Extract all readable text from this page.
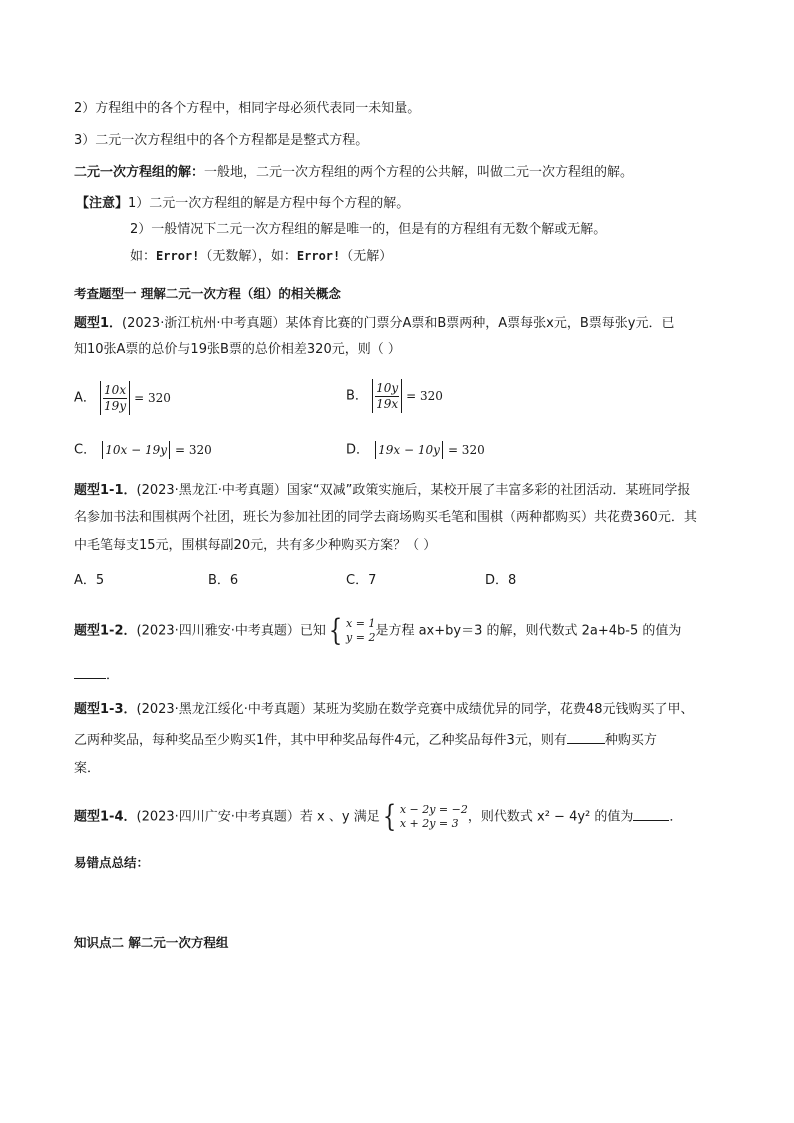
2）方程组中的各个方程中，相同字母必须代表同一未知量。
3）二元一次方程组中的各个方程都是是整式方程。
二元一次方程组的解：一般地，二元一次方程组的两个方程的公共解，叫做二元一次方程组的解。
【注意】1）二元一次方程组的解是方程中每个方程的解。
2）一般情况下二元一次方程组的解是唯一的，但是有的方程组有无数个解或无解。
如：Error!（无数解），如：Error!（无解）
考查题型一 理解二元一次方程（组）的相关概念
题型1．(2023·浙江杭州·中考真题）某体育比赛的门票分A票和B票两种，A票每张x元，B票每张y元．已
知10张A票的总价与19张B票的总价相差320元，则（ ）
A． $\frac{10x}{19y} = 320$	B． $\frac{10y}{19x} = 320$
C． 10x − 19y = 320	D． 19x − 10y = 320
题型1-1．(2023·黑龙江·中考真题）国家“双减”政策实施后，某校开展了丰富多彩的社团活动．某班同学报
名参加书法和围棋两个社团，班长为参加社团的同学去商场购买毛笔和围棋（两种都购买）共花费360元．其
中毛笔每支15元，围棋每副20元，共有多少种购买方案？（ ）
A．5	B．6	C．7	D．8
题型1-2．(2023·四川雅安·中考真题）已知 { x = 1
y = 2 是方程 ax+by＝3 的解，则代数式 2a+4b-5 的值为
．
题型1-3．(2023·黑龙江绥化·中考真题）某班为奖励在数学竞赛中成绩优异的同学，花费48元钱购买了甲、
乙两种奖品，每种奖品至少购买1件，其中甲种奖品每件4元，乙种奖品每件3元，则有	种购买方
案．
题型1-4．(2023·四川广安·中考真题）若 x 、y 满足 { x − 2y = −2
x + 2y = 3 ，则代数式 x² − 4y² 的值为	．
易错点总结：
知识点二 解二元一次方程组
